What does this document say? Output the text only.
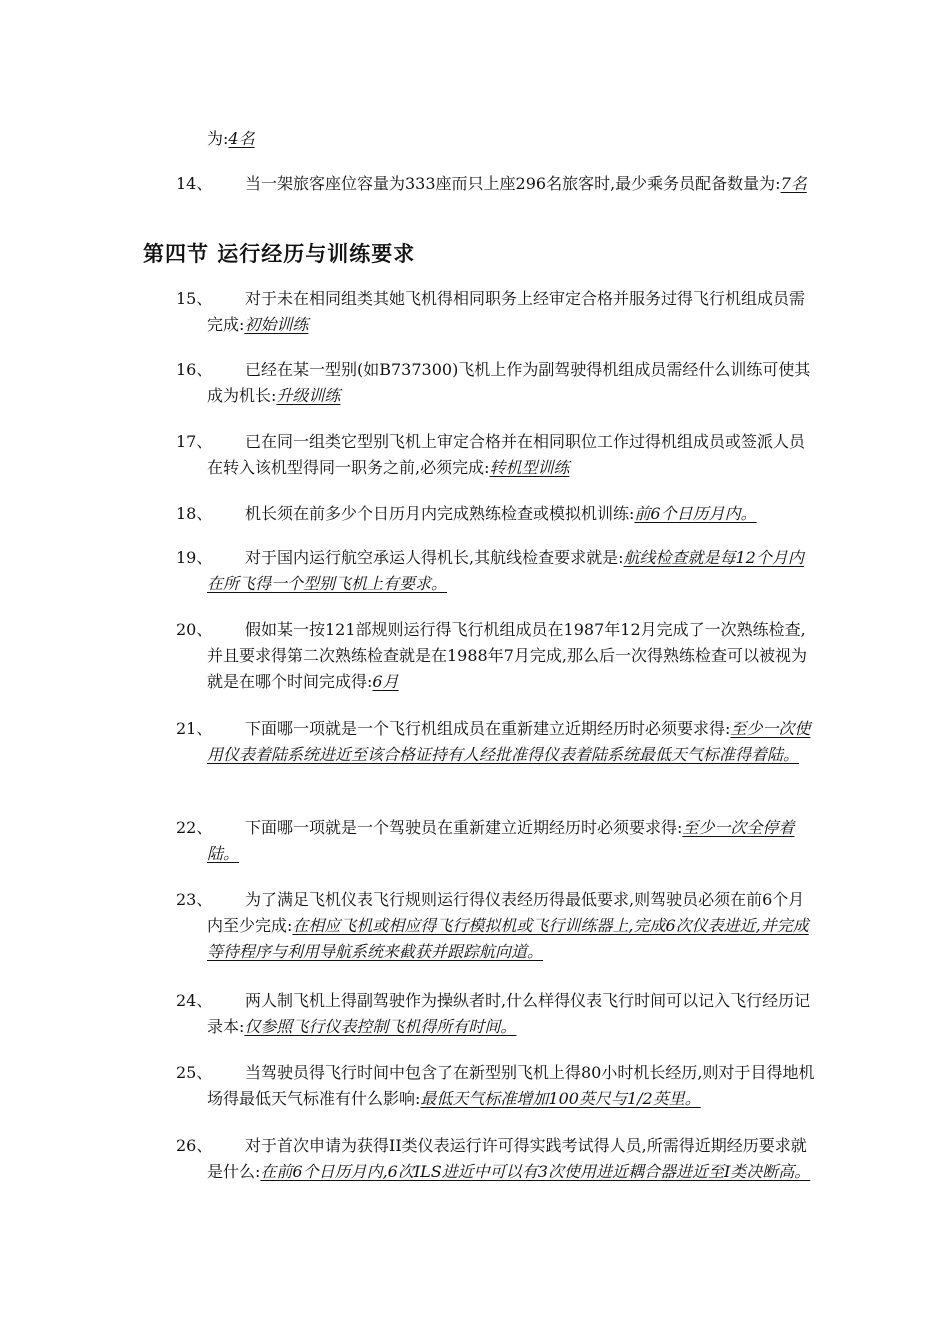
为:4名
14、	当一架旅客座位容量为333座而只上座296名旅客时,最少乘务员配备数量为:7名
第四节 运行经历与训练要求
15、	对于未在相同组类其她飞机得相同职务上经审定合格并服务过得飞行机组成员需完成:初始训练
16、	已经在某一型别(如B737300)飞机上作为副驾驶得机组成员需经什么训练可使其成为机长:升级训练
17、	已在同一组类它型别飞机上审定合格并在相同职位工作过得机组成员或签派人员在转入该机型得同一职务之前,必须完成:转机型训练
18、	机长须在前多少个日历月内完成熟练检查或模拟机训练:前6个日历月内。
19、	对于国内运行航空承运人得机长,其航线检查要求就是:航线检查就是每12个月内在所飞得一个型别飞机上有要求。
20、	假如某一按121部规则运行得飞行机组成员在1987年12月完成了一次熟练检查,并且要求得第二次熟练检查就是在1988年7月完成,那么后一次得熟练检查可以被视为就是在哪个时间完成得:6月
21、	下面哪一项就是一个飞行机组成员在重新建立近期经历时必须要求得:至少一次使用仪表着陆系统进近至该合格证持有人经批准得仪表着陆系统最低天气标准得着陆。
22、	下面哪一项就是一个驾驶员在重新建立近期经历时必须要求得:至少一次全停着陆。
23、	为了满足飞机仪表飞行规则运行得仪表经历得最低要求,则驾驶员必须在前6个月内至少完成:在相应飞机或相应得飞行模拟机或飞行训练器上,完成6次仪表进近,并完成等待程序与利用导航系统来截获并跟踪航向道。
24、	两人制飞机上得副驾驶作为操纵者时,什么样得仪表飞行时间可以记入飞行经历记录本:仅参照飞行仪表控制飞机得所有时间。
25、	当驾驶员得飞行时间中包含了在新型别飞机上得80小时机长经历,则对于目得地机场得最低天气标准有什么影响:最低天气标准增加100英尺与1/2英里。
26、	对于首次申请为获得II类仪表运行许可得实践考试得人员,所需得近期经历要求就是什么:在前6个日历月内,6次ILS进近中可以有3次使用进近耦合器进近至I类决断高。
